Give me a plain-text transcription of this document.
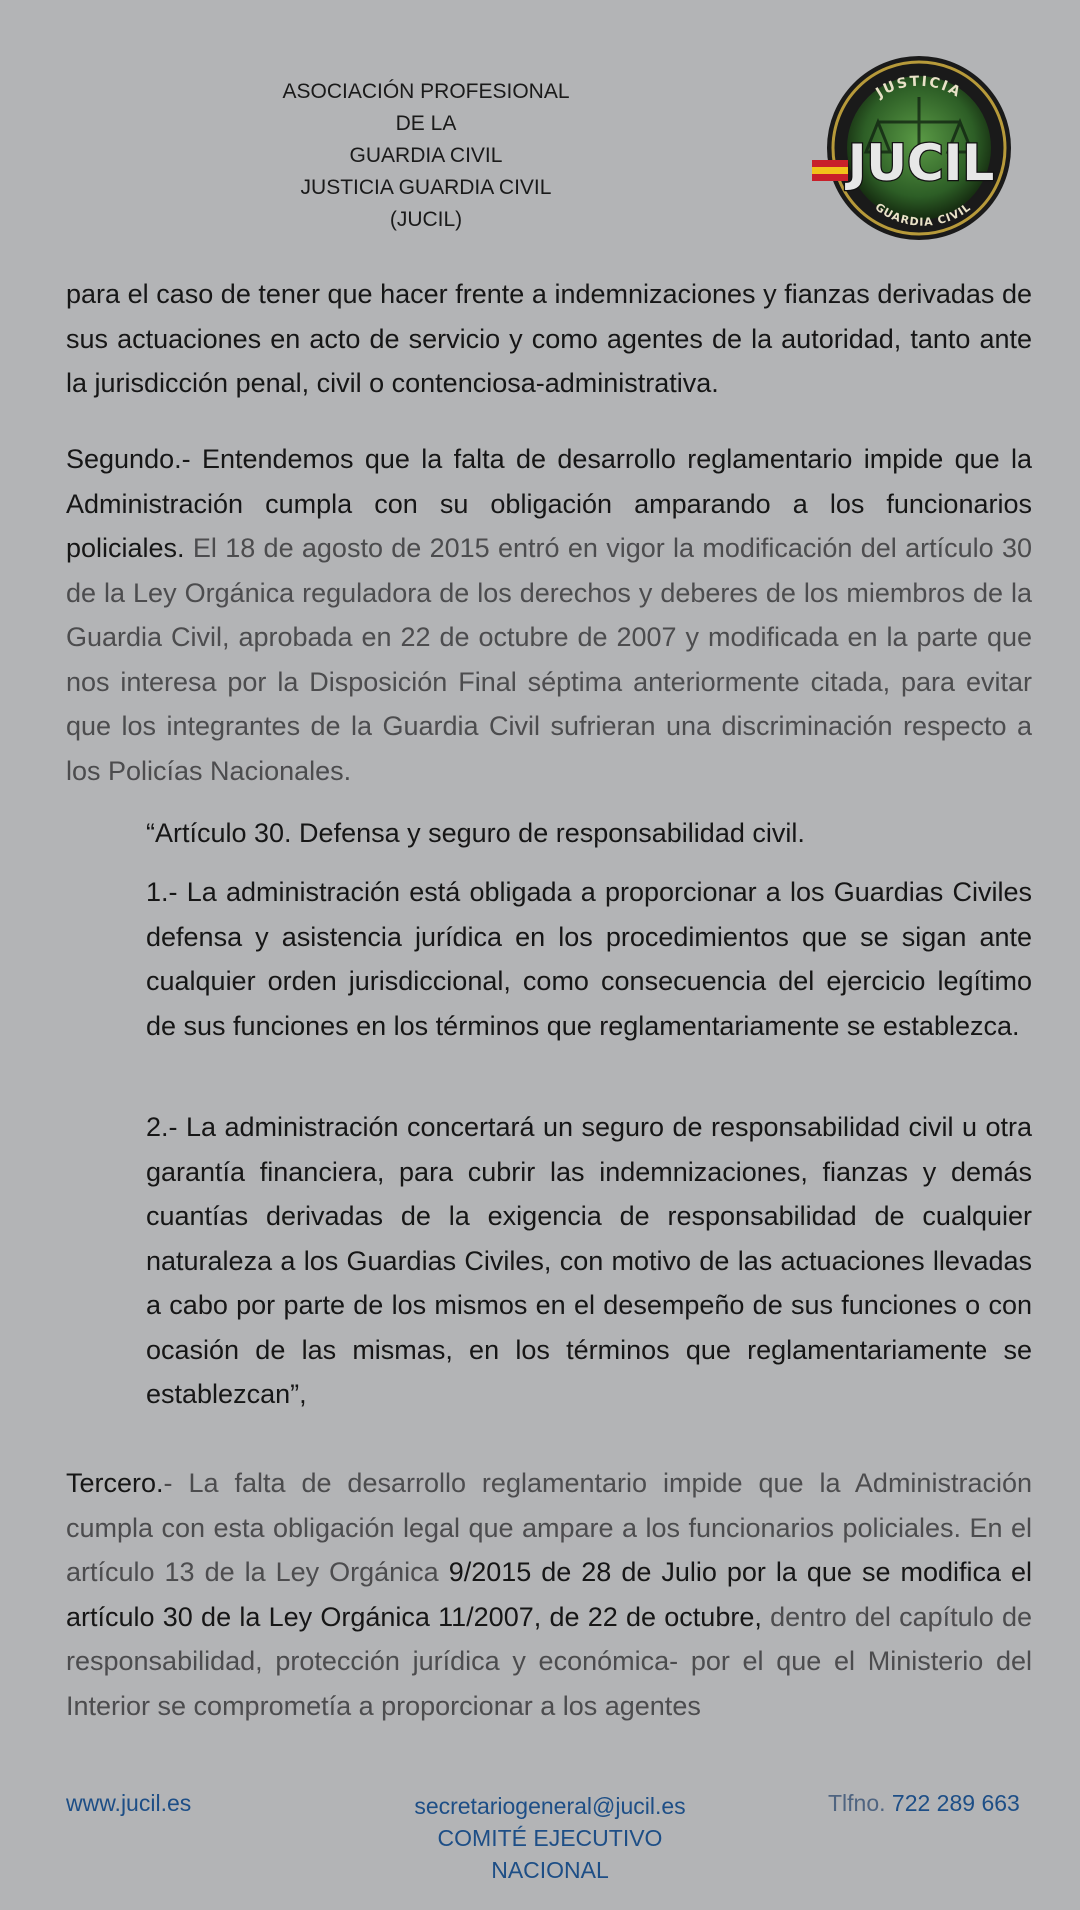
ASOCIACIÓN PROFESIONAL
DE LA
GUARDIA CIVIL
JUSTICIA GUARDIA CIVIL
(JUCIL)
JUSTICIA
JUCIL
GUARDIA CIVIL

para el caso de tener que hacer frente a indemnizaciones y fianzas derivadas de sus actuaciones en acto de servicio y como agentes de la autoridad, tanto ante la jurisdicción penal, civil o contenciosa-administrativa.

Segundo.- Entendemos que la falta de desarrollo reglamentario impide que la Administración cumpla con su obligación amparando a los funcionarios policiales. El 18 de agosto de 2015 entró en vigor la modificación del artículo 30 de la Ley Orgánica reguladora de los derechos y deberes de los miembros de la Guardia Civil, aprobada en 22 de octubre de 2007 y modificada en la parte que nos interesa por la Disposición Final séptima anteriormente citada, para evitar que los integrantes de la Guardia Civil sufrieran una discriminación respecto a los Policías Nacionales.

“Artículo 30. Defensa y seguro de responsabilidad civil.

1.- La administración está obligada a proporcionar a los Guardias Civiles defensa y asistencia jurídica en los procedimientos que se sigan ante cualquier orden jurisdiccional, como consecuencia del ejercicio legítimo de sus funciones en los términos que reglamentariamente se establezca.

2.- La administración concertará un seguro de responsabilidad civil u otra garantía financiera, para cubrir las indemnizaciones, fianzas y demás cuantías derivadas de la exigencia de responsabilidad de cualquier naturaleza a los Guardias Civiles, con motivo de las actuaciones llevadas a cabo por parte de los mismos en el desempeño de sus funciones o con ocasión de las mismas, en los términos que reglamentariamente se establezcan”,

Tercero.- La falta de desarrollo reglamentario impide que la Administración cumpla con esta obligación legal que ampare a los funcionarios policiales. En el artículo 13 de la Ley Orgánica 9/2015 de 28 de Julio por la que se modifica el artículo 30 de la Ley Orgánica 11/2007, de 22 de octubre, dentro del capítulo de responsabilidad, protección jurídica y económica- por el que el Ministerio del Interior se comprometía a proporcionar a los agentes

www.jucil.es	secretariogeneral@jucil.es
COMITÉ EJECUTIVO NACIONAL
Tlfno. 722 289 663
